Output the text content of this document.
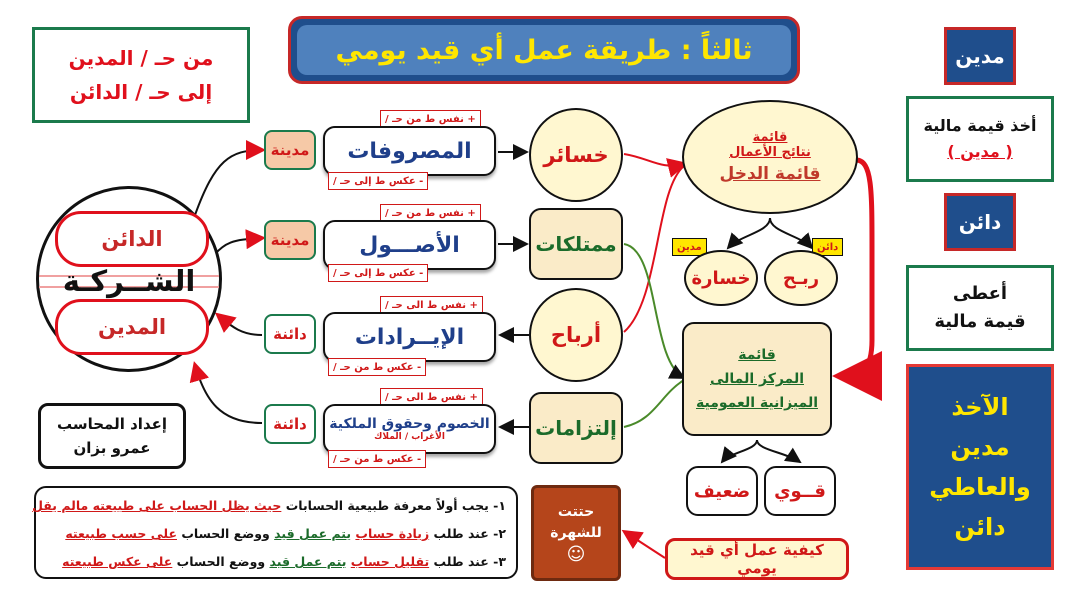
ثالثاً : طريقة عمل أي قيد يومي
من حـ / المدين
إلى حـ / الدائن
مدين
أخذ قيمة مالية
( مدين )
دائن
أعطى
قيمة مالية
الآخذ
مدين
والعاطي
دائن
الدائن
الشــركـة
المدين
مدينة
مدينة
دائنة
دائنة
+ نفس ط من حـ /
المصروفات
- عكس ط إلى حـ /
+ نفس ط من حـ /
الأصـــول
- عكس ط إلى حـ /
+ نفس ط الى حـ /
الإيــرادات
- عكس ط من حـ /
+ نفس ط الى حـ /
الخصوم وحقوق الملكية
الأغراب / الملاك
- عكس ط من حـ /
خسائر
ممتلكات
أرباح
إلتزامات
قائمة
نتائج الأعمال
قائمة الدخل
مدين
خسارة
دائن
ربـح
قائمة
المركز المالى
الميزانية العمومية
ضعيف	قــوي
إعداد المحاسب
عمرو بزان
١- يجب أولاً معرفة طبيعية الحسابات حيث يظل الحساب على طبيعته مالم يقل
٢- عند طلب زيادة حساب يتم عمل قيد ووضع الحساب على حسب طبيعته
٣- عند طلب تقليل حساب يتم عمل قيد ووضع الحساب على عكس طبيعته
حتتت
للشهرة
☺	كيفية عمل أي قيد يومي
